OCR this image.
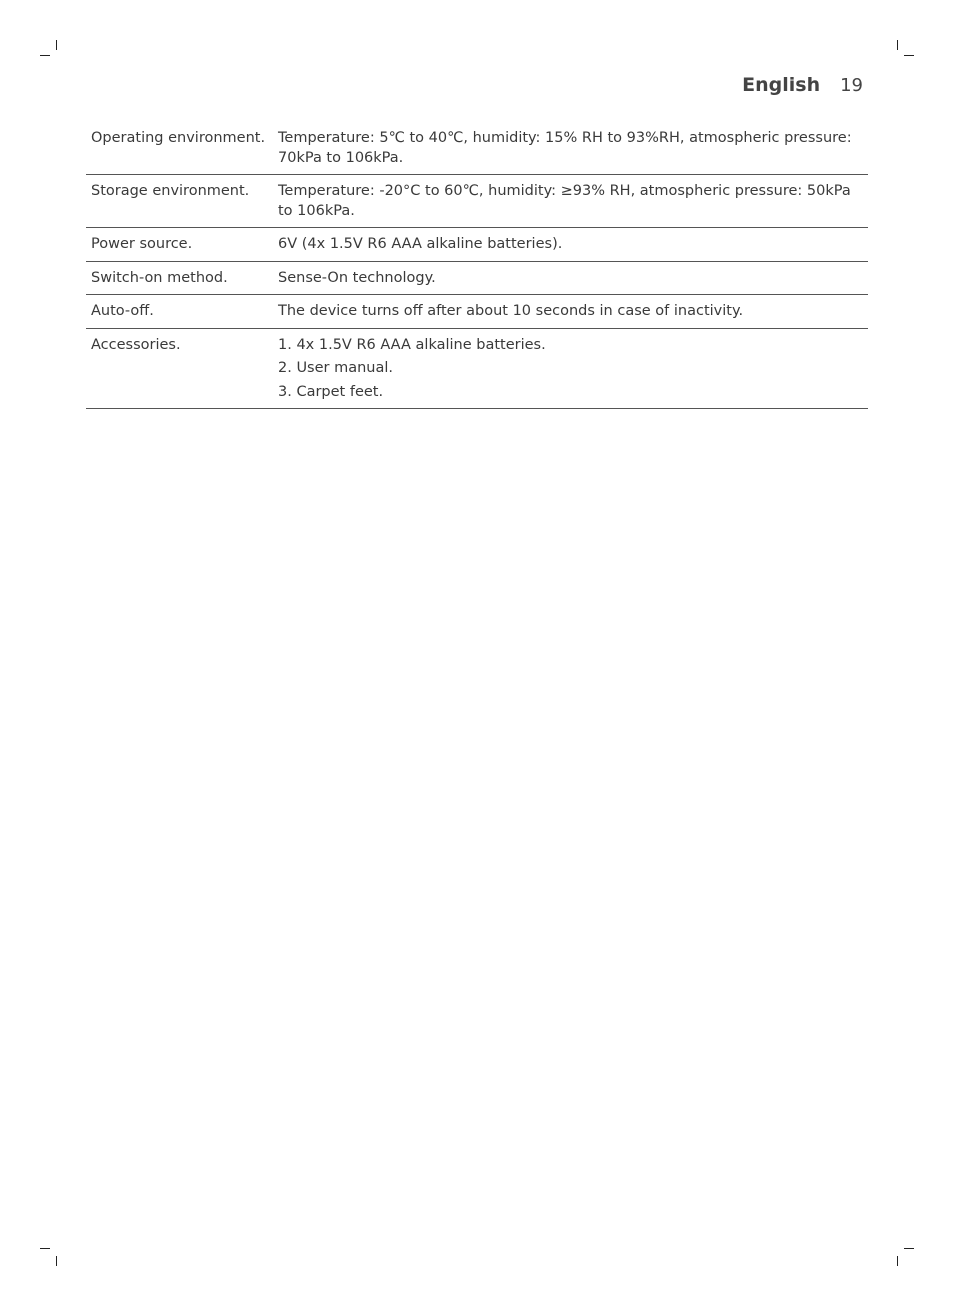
English 19
Operating environment.	Temperature: 5℃ to 40℃, humidity: 15% RH to 93%RH, atmospheric pressure: 70kPa to 106kPa.
Storage environment.	Temperature: -20°C to 60℃, humidity: ≥93% RH, atmospheric pressure: 50kPa to 106kPa.
Power source.	6V (4x 1.5V R6 AAA alkaline batteries).
Switch-on method.	Sense-On technology.
Auto-off.	The device turns off after about 10 seconds in case of inactivity.
Accessories.	1. 4x 1.5V R6 AAA alkaline batteries.
2. User manual.
3. Carpet feet.
